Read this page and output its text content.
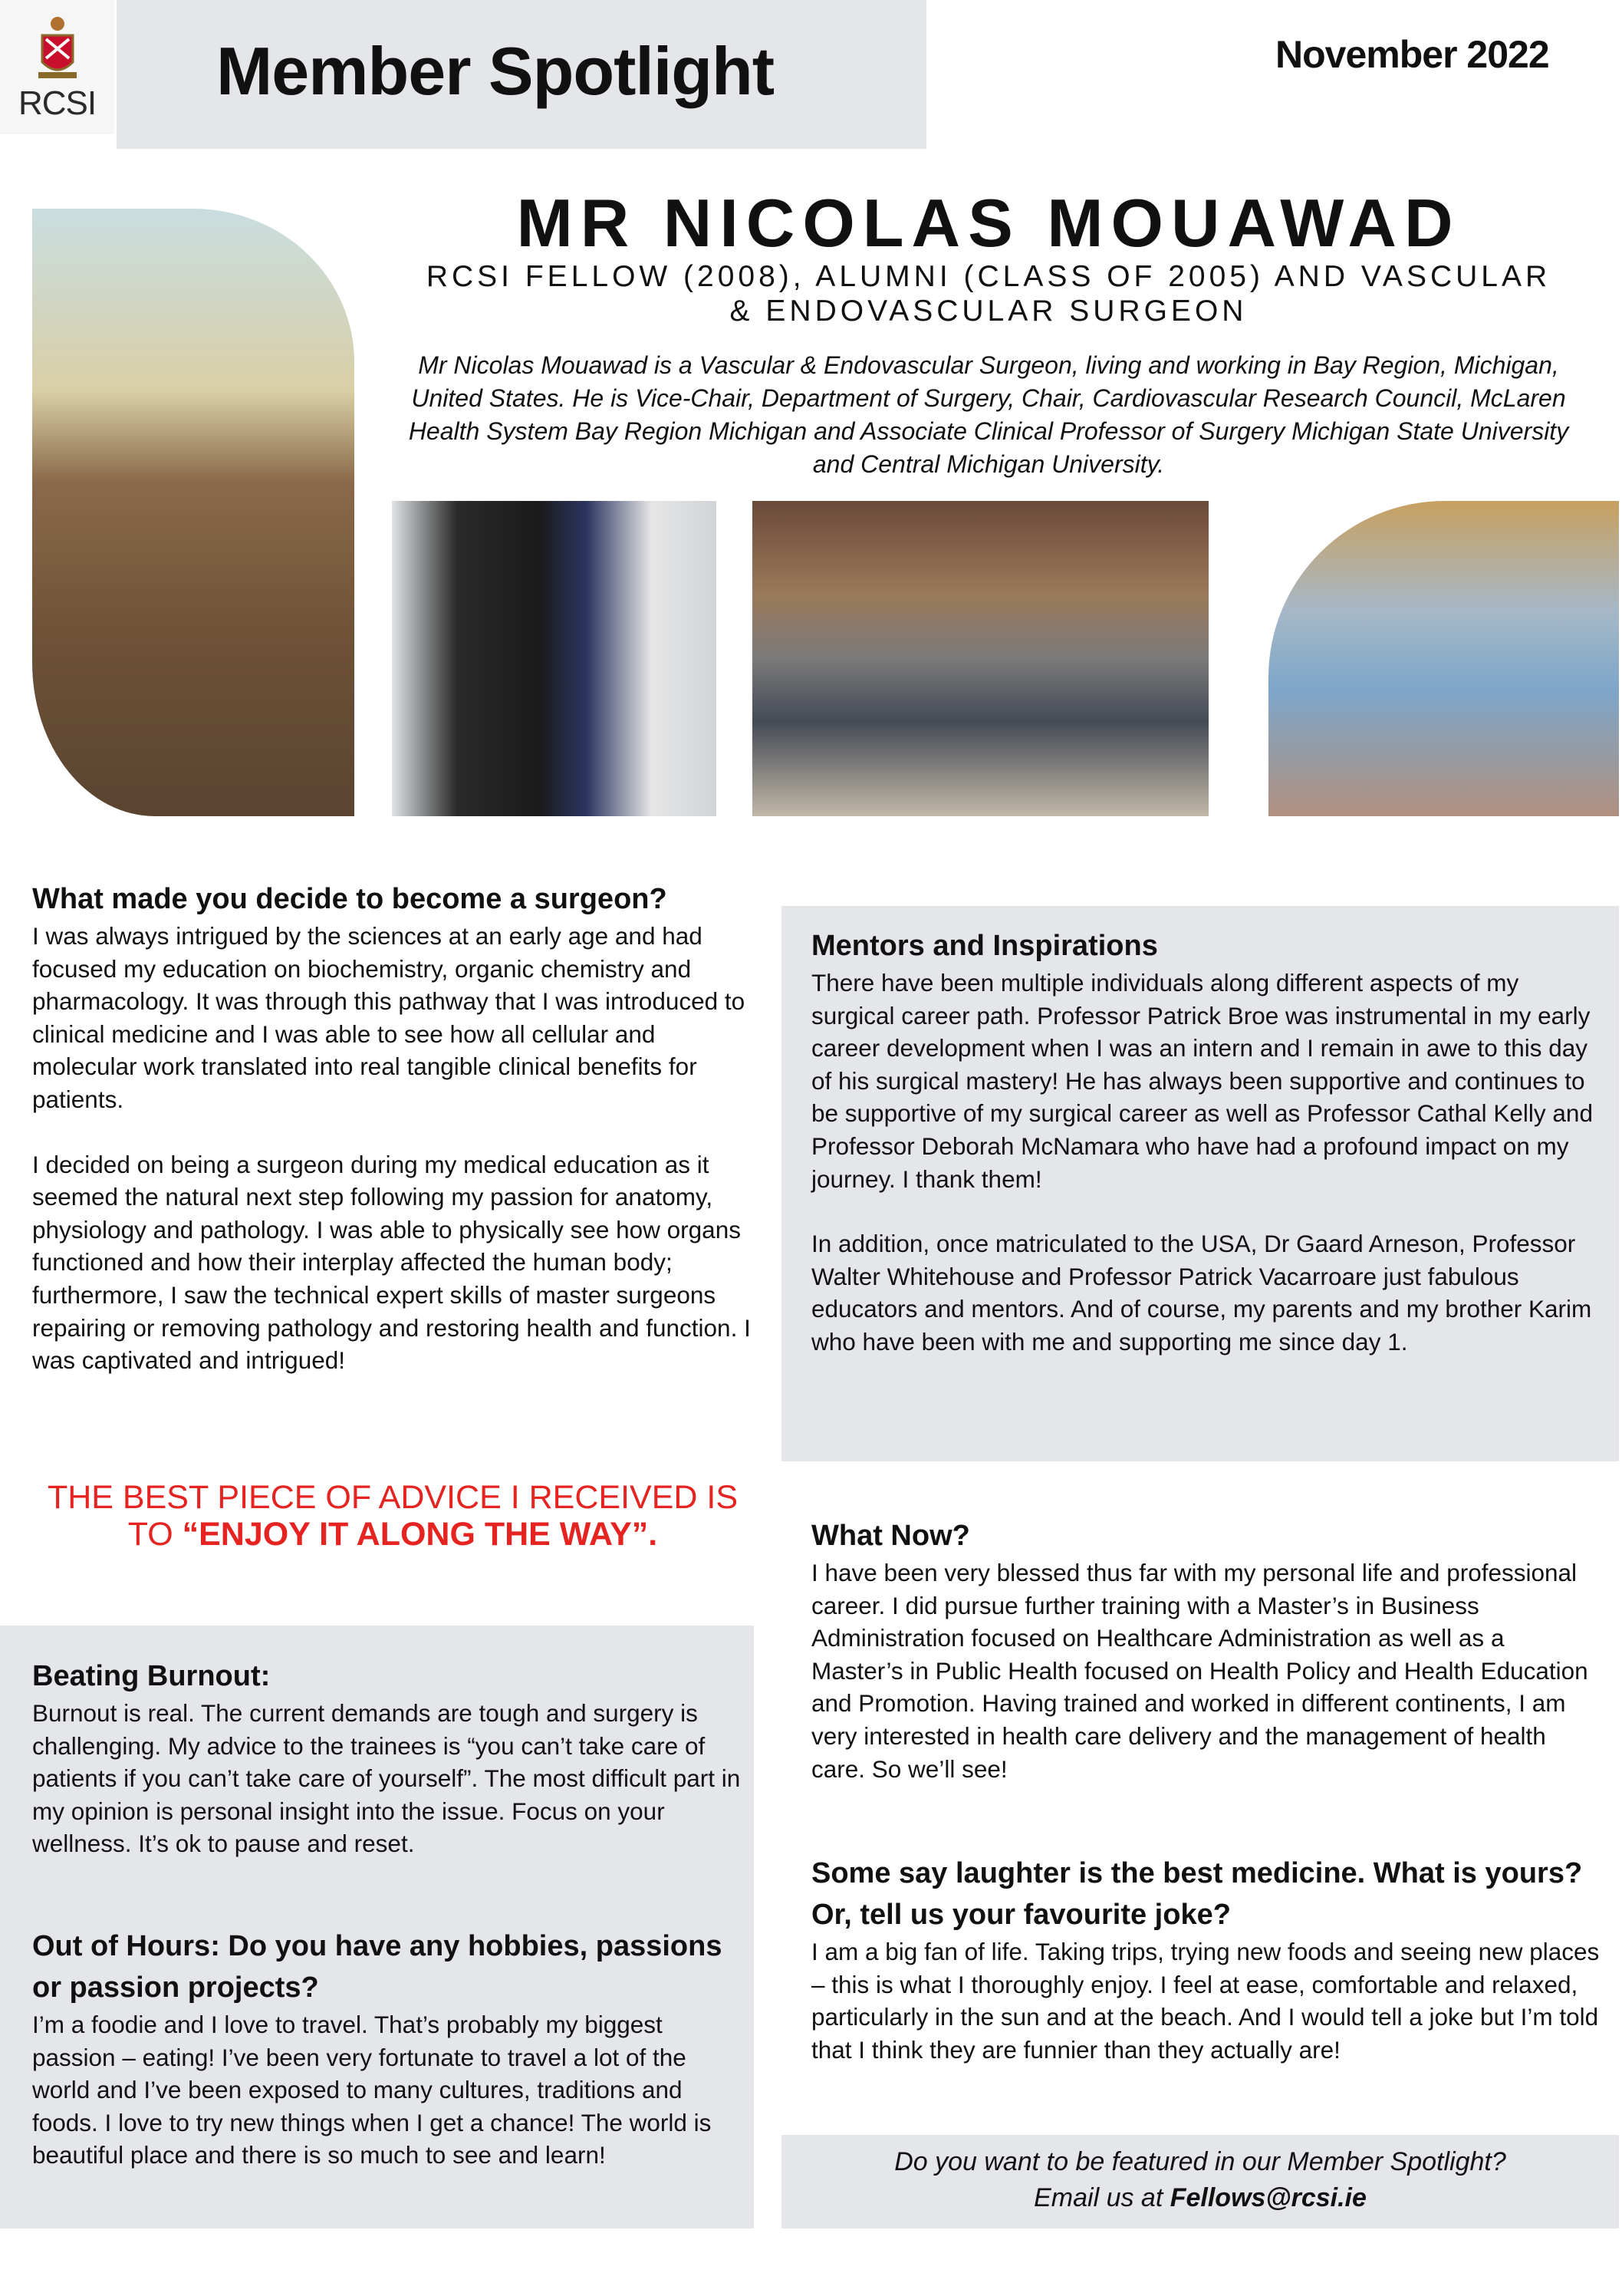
RCSI Member Spotlight	November 2022
MR NICOLAS MOUAWAD
RCSI FELLOW (2008), ALUMNI (CLASS OF 2005) AND VASCULAR
& ENDOVASCULAR SURGEON
Mr Nicolas Mouawad is a Vascular & Endovascular Surgeon, living and working in Bay Region, Michigan, United States. He is Vice-Chair, Department of Surgery, Chair, Cardiovascular Research Council, McLaren Health System Bay Region Michigan and Associate Clinical Professor of Surgery Michigan State University and Central Michigan University.
What made you decide to become a surgeon?

I was always intrigued by the sciences at an early age and had focused my education on biochemistry, organic chemistry and pharmacology. It was through this pathway that I was introduced to clinical medicine and I was able to see how all cellular and molecular work translated into real tangible clinical benefits for patients.

I decided on being a surgeon during my medical education as it seemed the natural next step following my passion for anatomy, physiology and pathology. I was able to physically see how organs functioned and how their interplay affected the human body; furthermore, I saw the technical expert skills of master surgeons repairing or removing pathology and restoring health and function. I was captivated and intrigued!

Mentors and Inspirations

There have been multiple individuals along different aspects of my surgical career path. Professor Patrick Broe was instrumental in my early career development when I was an intern and I remain in awe to this day of his surgical mastery! He has always been supportive and continues to be supportive of my surgical career as well as Professor Cathal Kelly and Professor Deborah McNamara who have had a profound impact on my journey. I thank them!

In addition, once matriculated to the USA, Dr Gaard Arneson, Professor Walter Whitehouse and Professor Patrick Vacarroare just fabulous educators and mentors. And of course, my parents and my brother Karim who have been with me and supporting me since day 1.

THE BEST PIECE OF ADVICE I RECEIVED IS TO “ENJOY IT ALONG THE WAY”.
Beating Burnout:

Burnout is real. The current demands are tough and surgery is challenging. My advice to the trainees is “you can’t take care of patients if you can’t take care of yourself”. The most difficult part in my opinion is personal insight into the issue. Focus on your wellness. It’s ok to pause and reset.

Out of Hours: Do you have any hobbies, passions or passion projects?

I’m a foodie and I love to travel. That’s probably my biggest passion – eating! I’ve been very fortunate to travel a lot of the world and I’ve been exposed to many cultures, traditions and foods. I love to try new things when I get a chance! The world is beautiful place and there is so much to see and learn!

What Now?

I have been very blessed thus far with my personal life and professional career. I did pursue further training with a Master’s in Business Administration focused on Healthcare Administration as well as a Master’s in Public Health focused on Health Policy and Health Education and Promotion. Having trained and worked in different continents, I am very interested in health care delivery and the management of health care. So we’ll see!

Some say laughter is the best medicine. What is yours? Or, tell us your favourite joke?

I am a big fan of life. Taking trips, trying new foods and seeing new places – this is what I thoroughly enjoy. I feel at ease, comfortable and relaxed, particularly in the sun and at the beach. And I would tell a joke but I’m told that I think they are funnier than they actually are!

Do you want to be featured in our Member Spotlight?
Email us at Fellows@rcsi.ie
